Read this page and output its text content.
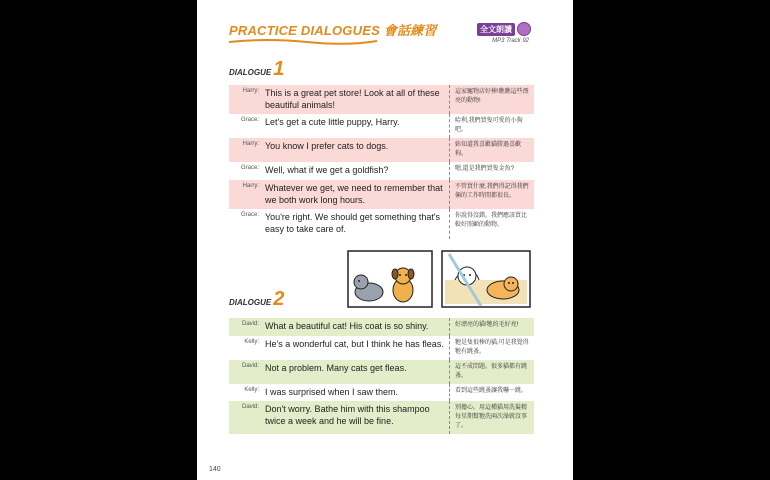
PRACTICE DIALOGUES 會話練習	全文朗讀
MP3 Track 92
DIALOGUE 1
Harry:	This is a great pet store! Look at all of these beautiful animals!	這家寵物店好棒!瞧瞧這些漂亮的動物!
Grace:	Let's get a cute little puppy, Harry.	哈利,我們買隻可愛的小狗吧。
Harry:	You know I prefer cats to dogs.	妳知道我喜歡貓勝過喜歡狗。
Grace:	Well, what if we get a goldfish?	嗯,還是我們買隻金魚?
Harry:	Whatever we get, we need to remember that we both work long hours.	不管買什麼,我們得記得我們倆的工作時間都很長。
Grace:	You're right. We should get something that's easy to take care of.	你說得沒錯。我們應該買比較好照顧的動物。
DIALOGUE 2
David:	What a beautiful cat! His coat is so shiny.	好漂亮的貓!牠的毛好亮!
Kelly:	He's a wonderful cat, but I think he has fleas.	牠是隻很棒的貓,可是我覺得牠有跳蚤。
David:	Not a problem. Many cats get fleas.	這不成問題。很多貓都有跳蚤。
Kelly:	I was surprised when I saw them.	看到這些跳蚤讓我嚇一跳。
David:	Don't worry. Bathe him with this shampoo twice a week and he will be fine.	別擔心。用這種貓用洗髮精每星期幫牠洗兩次澡就沒事了。
140
